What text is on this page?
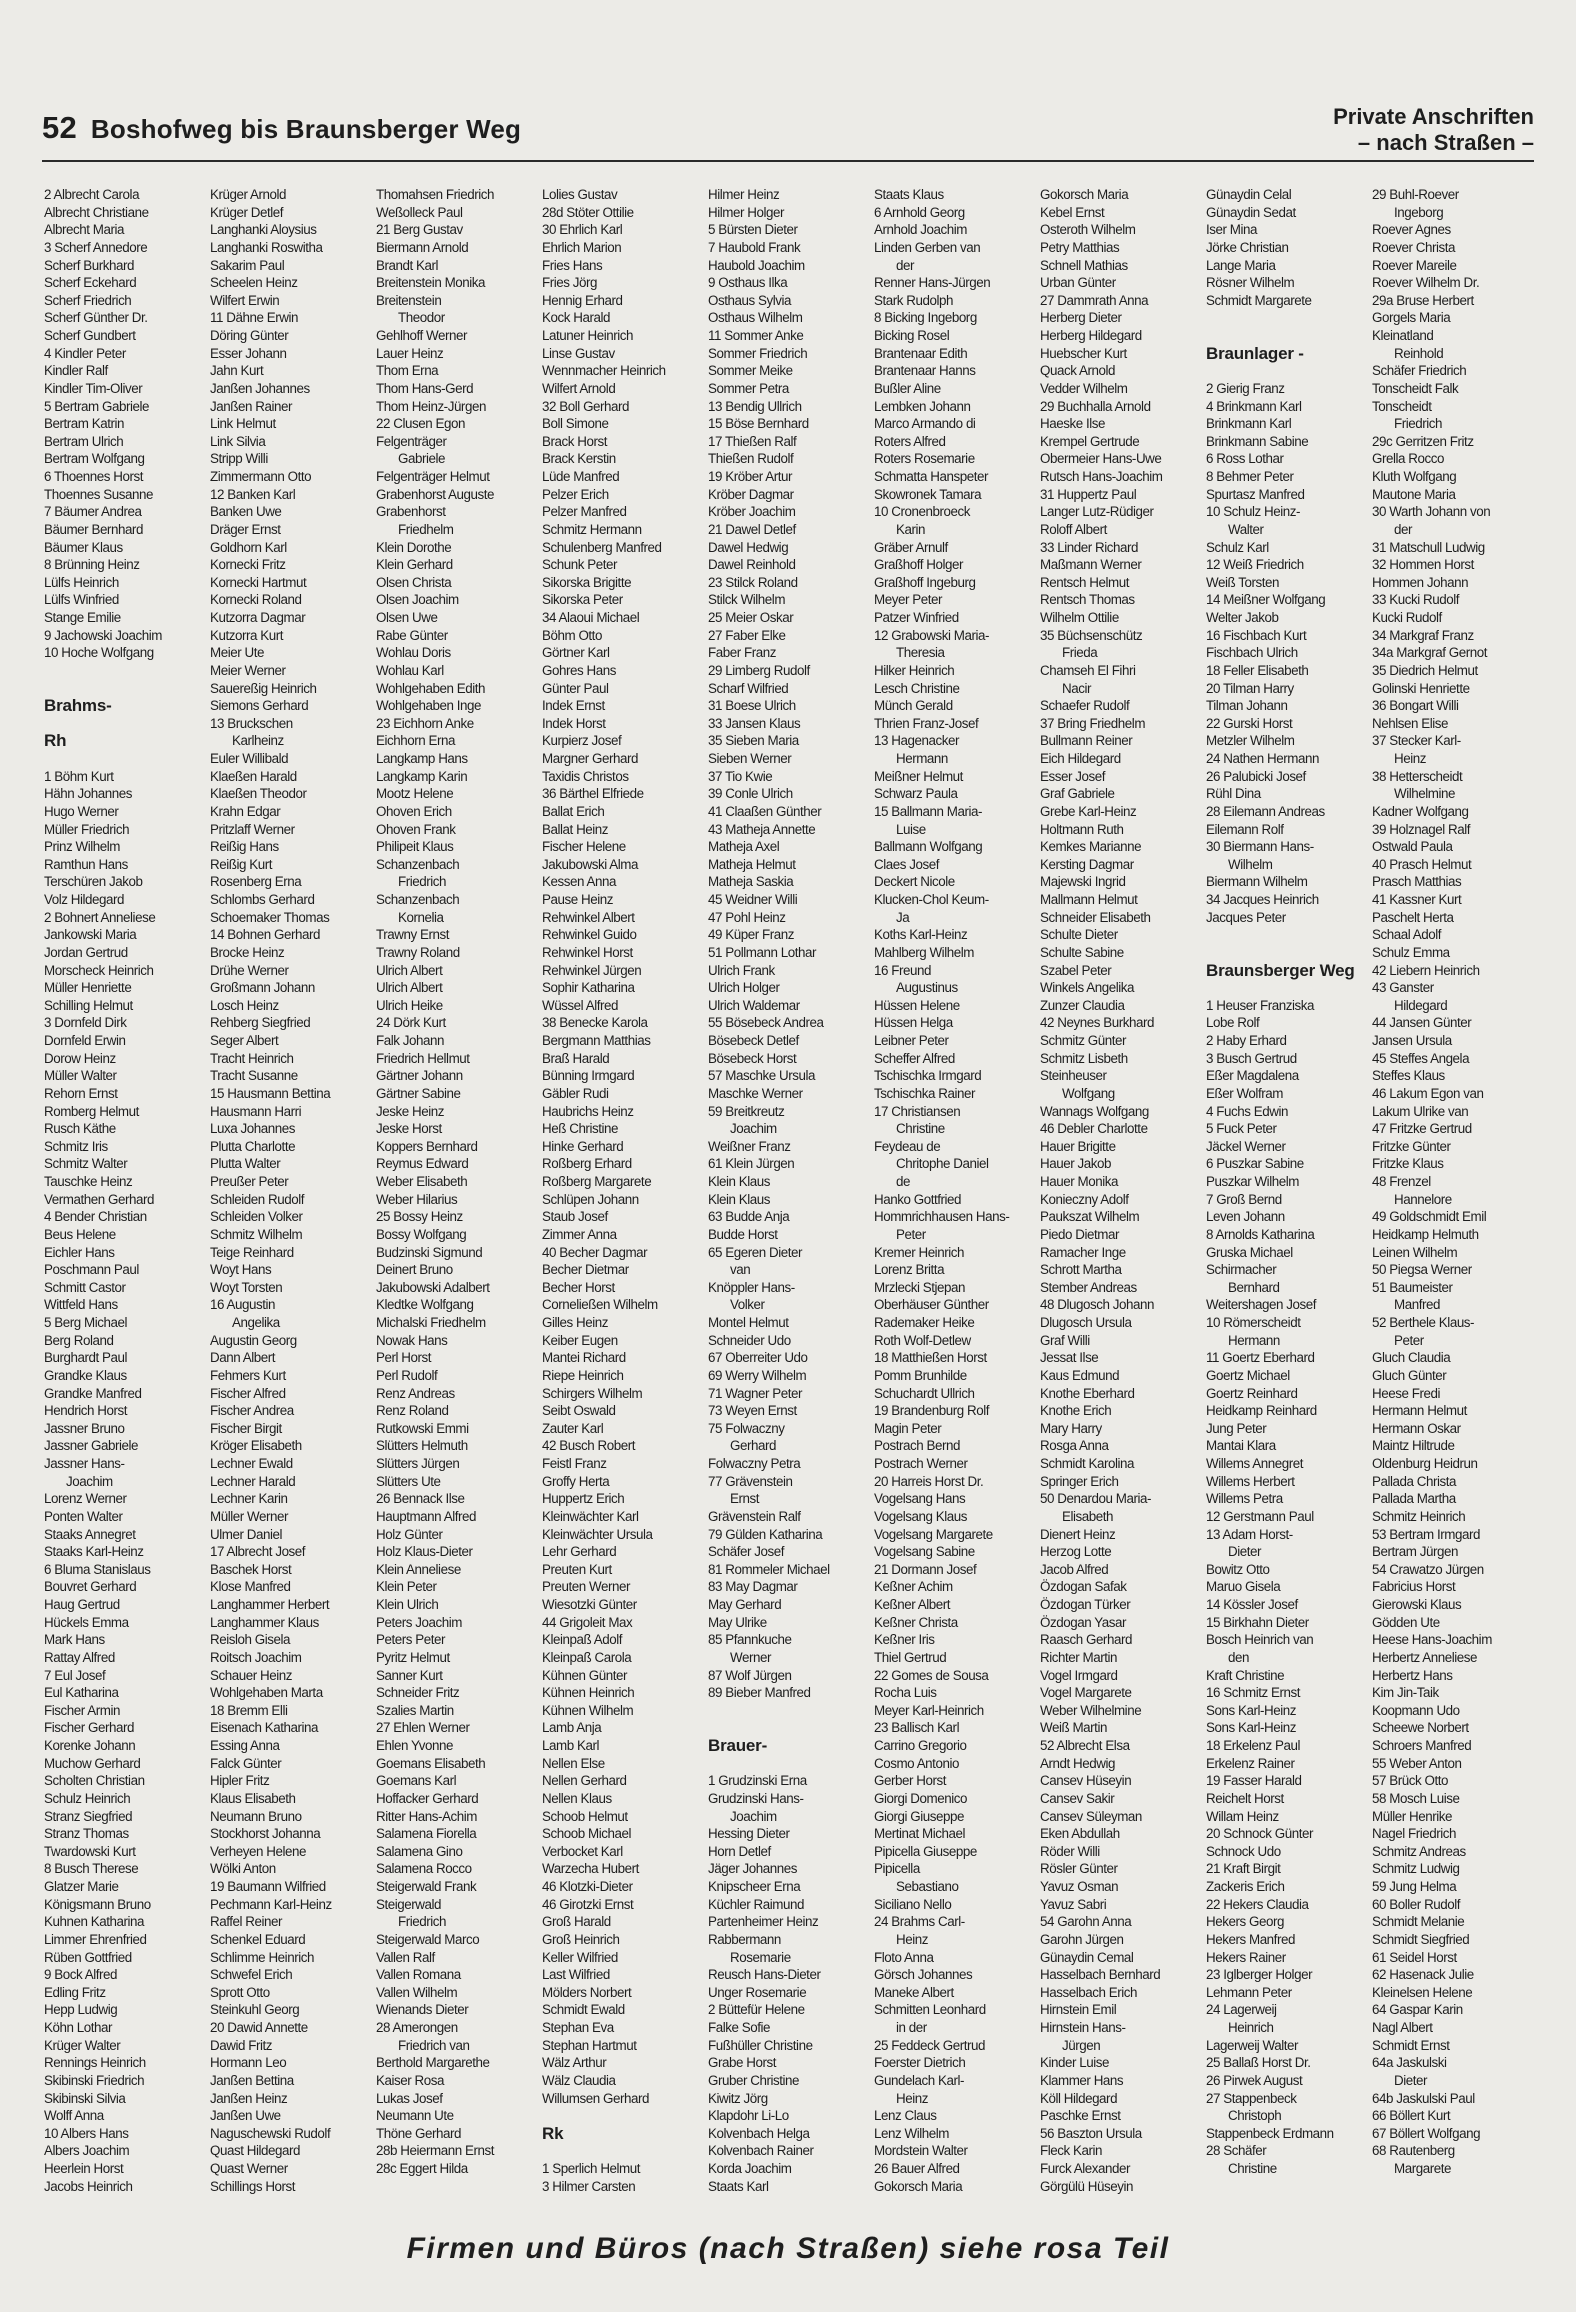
52 Boshofweg bis Braunsberger Weg	Private Anschriften
– nach Straßen –
2 Albrecht Carola
Albrecht Christiane
Albrecht Maria
3 Scherf Annedore
Scherf Burkhard
Scherf Eckehard
Scherf Friedrich
Scherf Günther Dr.
Scherf Gundbert
4 Kindler Peter
Kindler Ralf
Kindler Tim-Oliver
5 Bertram Gabriele
Bertram Katrin
Bertram Ulrich
Bertram Wolfgang
6 Thoennes Horst
Thoennes Susanne
7 Bäumer Andrea
Bäumer Bernhard
Bäumer Klaus
8 Brünning Heinz
Lülfs Heinrich
Lülfs Winfried
Stange Emilie
9 Jachowski Joachim
10 Hoche Wolfgang
Brahms-
Rh
1 Böhm Kurt
Hähn Johannes
Hugo Werner
Müller Friedrich
Prinz Wilhelm
Ramthun Hans
Terschüren Jakob
Volz Hildegard
2 Bohnert Anneliese
Jankowski Maria
Jordan Gertrud
Morscheck Heinrich
Müller Henriette
Schilling Helmut
3 Dornfeld Dirk
Dornfeld Erwin
Dorow Heinz
Müller Walter
Rehorn Ernst
Romberg Helmut
Rusch Käthe
Schmitz Iris
Schmitz Walter
Tauschke Heinz
Vermathen Gerhard
4 Bender Christian
Beus Helene
Eichler Hans
Poschmann Paul
Schmitt Castor
Wittfeld Hans
5 Berg Michael
Berg Roland
Burghardt Paul
Grandke Klaus
Grandke Manfred
Hendrich Horst
Jassner Bruno
Jassner Gabriele
Jassner Hans-
Joachim
Lorenz Werner
Ponten Walter
Staaks Annegret
Staaks Karl-Heinz
6 Bluma Stanislaus
Bouvret Gerhard
Haug Gertrud
Hückels Emma
Mark Hans
Rattay Alfred
7 Eul Josef
Eul Katharina
Fischer Armin
Fischer Gerhard
Korenke Johann
Muchow Gerhard
Scholten Christian
Schulz Heinrich
Stranz Siegfried
Stranz Thomas
Twardowski Kurt
8 Busch Therese
Glatzer Marie
Königsmann Bruno
Kuhnen Katharina
Limmer Ehrenfried
Rüben Gottfried
9 Bock Alfred
Edling Fritz
Hepp Ludwig
Köhn Lothar
Krüger Walter
Rennings Heinrich
Skibinski Friedrich
Skibinski Silvia
Wolff Anna
10 Albers Hans
Albers Joachim
Heerlein Horst
Jacobs Heinrich
Krüger Arnold
Krüger Detlef
Langhanki Aloysius
Langhanki Roswitha
Sakarim Paul
Scheelen Heinz
Wilfert Erwin
11 Dähne Erwin
Döring Günter
Esser Johann
Jahn Kurt
Janßen Johannes
Janßen Rainer
Link Helmut
Link Silvia
Stripp Willi
Zimmermann Otto
12 Banken Karl
Banken Uwe
Dräger Ernst
Goldhorn Karl
Kornecki Fritz
Kornecki Hartmut
Kornecki Roland
Kutzorra Dagmar
Kutzorra Kurt
Meier Ute
Meier Werner
Sauereßig Heinrich
Siemons Gerhard
13 Bruckschen
Karlheinz
Euler Willibald
Klaeßen Harald
Klaeßen Theodor
Krahn Edgar
Pritzlaff Werner
Reißig Hans
Reißig Kurt
Rosenberg Erna
Schlombs Gerhard
Schoemaker Thomas
14 Bohnen Gerhard
Brocke Heinz
Drühe Werner
Großmann Johann
Losch Heinz
Rehberg Siegfried
Seger Albert
Tracht Heinrich
Tracht Susanne
15 Hausmann Bettina
Hausmann Harri
Luxa Johannes
Plutta Charlotte
Plutta Walter
Preußer Peter
Schleiden Rudolf
Schleiden Volker
Schmitz Wilhelm
Teige Reinhard
Woyt Hans
Woyt Torsten
16 Augustin
Angelika
Augustin Georg
Dann Albert
Fehmers Kurt
Fischer Alfred
Fischer Andrea
Fischer Birgit
Kröger Elisabeth
Lechner Ewald
Lechner Harald
Lechner Karin
Müller Werner
Ulmer Daniel
17 Albrecht Josef
Baschek Horst
Klose Manfred
Langhammer Herbert
Langhammer Klaus
Reisloh Gisela
Roitsch Joachim
Schauer Heinz
Wohlgehaben Marta
18 Bremm Elli
Eisenach Katharina
Essing Anna
Falck Günter
Hipler Fritz
Klaus Elisabeth
Neumann Bruno
Stockhorst Johanna
Verheyen Helene
Wölki Anton
19 Baumann Wilfried
Pechmann Karl-Heinz
Raffel Reiner
Schenkel Eduard
Schlimme Heinrich
Schwefel Erich
Sprott Otto
Steinkuhl Georg
20 Dawid Annette
Dawid Fritz
Hormann Leo
Janßen Bettina
Janßen Heinz
Janßen Uwe
Naguschewski Rudolf
Quast Hildegard
Quast Werner
Schillings Horst
Thomahsen Friedrich
Weßolleck Paul
21 Berg Gustav
Biermann Arnold
Brandt Karl
Breitenstein Monika
Breitenstein
Theodor
Gehlhoff Werner
Lauer Heinz
Thom Erna
Thom Hans-Gerd
Thom Heinz-Jürgen
22 Clusen Egon
Felgenträger
Gabriele
Felgenträger Helmut
Grabenhorst Auguste
Grabenhorst
Friedhelm
Klein Dorothe
Klein Gerhard
Olsen Christa
Olsen Joachim
Olsen Uwe
Rabe Günter
Wohlau Doris
Wohlau Karl
Wohlgehaben Edith
Wohlgehaben Inge
23 Eichhorn Anke
Eichhorn Erna
Langkamp Hans
Langkamp Karin
Mootz Helene
Ohoven Erich
Ohoven Frank
Philipeit Klaus
Schanzenbach
Friedrich
Schanzenbach
Kornelia
Trawny Ernst
Trawny Roland
Ulrich Albert
Ulrich Albert
Ulrich Heike
24 Dörk Kurt
Falk Johann
Friedrich Hellmut
Gärtner Johann
Gärtner Sabine
Jeske Heinz
Jeske Horst
Koppers Bernhard
Reymus Edward
Weber Elisabeth
Weber Hilarius
25 Bossy Heinz
Bossy Wolfgang
Budzinski Sigmund
Deinert Bruno
Jakubowski Adalbert
Kledtke Wolfgang
Michalski Friedhelm
Nowak Hans
Perl Horst
Perl Rudolf
Renz Andreas
Renz Roland
Rutkowski Emmi
Slütters Helmuth
Slütters Jürgen
Slütters Ute
26 Bennack Ilse
Hauptmann Alfred
Holz Günter
Holz Klaus-Dieter
Klein Anneliese
Klein Peter
Klein Ulrich
Peters Joachim
Peters Peter
Pyritz Helmut
Sanner Kurt
Schneider Fritz
Szalies Martin
27 Ehlen Werner
Ehlen Yvonne
Goemans Elisabeth
Goemans Karl
Hoffacker Gerhard
Ritter Hans-Achim
Salamena Fiorella
Salamena Gino
Salamena Rocco
Steigerwald Frank
Steigerwald
Friedrich
Steigerwald Marco
Vallen Ralf
Vallen Romana
Vallen Wilhelm
Wienands Dieter
28 Amerongen
Friedrich van
Berthold Margarethe
Kaiser Rosa
Lukas Josef
Neumann Ute
Thöne Gerhard
28b Heiermann Ernst
28c Eggert Hilda
Lolies Gustav
28d Stöter Ottilie
30 Ehrlich Karl
Ehrlich Marion
Fries Hans
Fries Jörg
Hennig Erhard
Kock Harald
Latuner Heinrich
Linse Gustav
Wennmacher Heinrich
Wilfert Arnold
32 Boll Gerhard
Boll Simone
Brack Horst
Brack Kerstin
Lüde Manfred
Pelzer Erich
Pelzer Manfred
Schmitz Hermann
Schulenberg Manfred
Schunk Peter
Sikorska Brigitte
Sikorska Peter
34 Alaoui Michael
Böhm Otto
Görtner Karl
Gohres Hans
Günter Paul
Indek Ernst
Indek Horst
Kurpierz Josef
Margner Gerhard
Taxidis Christos
36 Bärthel Elfriede
Ballat Erich
Ballat Heinz
Fischer Helene
Jakubowski Alma
Kessen Anna
Pause Heinz
Rehwinkel Albert
Rehwinkel Guido
Rehwinkel Horst
Rehwinkel Jürgen
Sophir Katharina
Wüssel Alfred
38 Benecke Karola
Bergmann Matthias
Braß Harald
Bünning Irmgard
Gäbler Rudi
Haubrichs Heinz
Heß Christine
Hinke Gerhard
Roßberg Erhard
Roßberg Margarete
Schlüpen Johann
Staub Josef
Zimmer Anna
40 Becher Dagmar
Becher Dietmar
Becher Horst
Corneließen Wilhelm
Gilles Heinz
Keiber Eugen
Mantei Richard
Riepe Heinrich
Schirgers Wilhelm
Seibt Oswald
Zauter Karl
42 Busch Robert
Feistl Franz
Groffy Herta
Huppertz Erich
Kleinwächter Karl
Kleinwächter Ursula
Lehr Gerhard
Preuten Kurt
Preuten Werner
Wiesotzki Günter
44 Grigoleit Max
Kleinpaß Adolf
Kleinpaß Carola
Kühnen Günter
Kühnen Heinrich
Kühnen Wilhelm
Lamb Anja
Lamb Karl
Nellen Else
Nellen Gerhard
Nellen Klaus
Schoob Helmut
Schoob Michael
Verbocket Karl
Warzecha Hubert
46 Klotzki-Dieter
46 Girotzki Ernst
Groß Harald
Groß Heinrich
Keller Wilfried
Last Wilfried
Mölders Norbert
Schmidt Ewald
Stephan Eva
Stephan Hartmut
Wälz Arthur
Wälz Claudia
Willumsen Gerhard
Rk
1 Sperlich Helmut
3 Hilmer Carsten
Hilmer Heinz
Hilmer Holger
5 Bürsten Dieter
7 Haubold Frank
Haubold Joachim
9 Osthaus Ilka
Osthaus Sylvia
Osthaus Wilhelm
11 Sommer Anke
Sommer Friedrich
Sommer Meike
Sommer Petra
13 Bendig Ullrich
15 Böse Bernhard
17 Thießen Ralf
Thießen Rudolf
19 Kröber Artur
Kröber Dagmar
Kröber Joachim
21 Dawel Detlef
Dawel Hedwig
Dawel Reinhold
23 Stilck Roland
Stilck Wilhelm
25 Meier Oskar
27 Faber Elke
Faber Franz
29 Limberg Rudolf
Scharf Wilfried
31 Boese Ulrich
33 Jansen Klaus
35 Sieben Maria
Sieben Werner
37 Tio Kwie
39 Conle Ulrich
41 Claaßen Günther
43 Matheja Annette
Matheja Axel
Matheja Helmut
Matheja Saskia
45 Weidner Willi
47 Pohl Heinz
49 Küper Franz
51 Pollmann Lothar
Ulrich Frank
Ulrich Holger
Ulrich Waldemar
55 Bösebeck Andrea
Bösebeck Detlef
Bösebeck Horst
57 Maschke Ursula
Maschke Werner
59 Breitkreutz
Joachim
Weißner Franz
61 Klein Jürgen
Klein Klaus
Klein Klaus
63 Budde Anja
Budde Horst
65 Egeren Dieter
van
Knöppler Hans-
Volker
Montel Helmut
Schneider Udo
67 Oberreiter Udo
69 Werry Wilhelm
71 Wagner Peter
73 Weyen Ernst
75 Folwaczny
Gerhard
Folwaczny Petra
77 Grävenstein
Ernst
Grävenstein Ralf
79 Gülden Katharina
Schäfer Josef
81 Rommeler Michael
83 May Dagmar
May Gerhard
May Ulrike
85 Pfannkuche
Werner
87 Wolf Jürgen
89 Bieber Manfred
Brauer-
1 Grudzinski Erna
Grudzinski Hans-
Joachim
Hessing Dieter
Horn Detlef
Jäger Johannes
Knipscheer Erna
Küchler Raimund
Partenheimer Heinz
Rabbermann
Rosemarie
Reusch Hans-Dieter
Unger Rosemarie
2 Büttefür Helene
Falke Sofie
Fußhüller Christine
Grabe Horst
Gruber Christine
Kiwitz Jörg
Klapdohr Li-Lo
Kolvenbach Helga
Kolvenbach Rainer
Korda Joachim
Staats Karl
Staats Klaus
6 Arnhold Georg
Arnhold Joachim
Linden Gerben van
der
Renner Hans-Jürgen
Stark Rudolph
8 Bicking Ingeborg
Bicking Rosel
Brantenaar Edith
Brantenaar Hanns
Bußler Aline
Lembken Johann
Marco Armando di
Roters Alfred
Roters Rosemarie
Schmatta Hanspeter
Skowronek Tamara
10 Cronenbroeck
Karin
Gräber Arnulf
Graßhoff Holger
Graßhoff Ingeburg
Meyer Peter
Patzer Winfried
12 Grabowski Maria-
Theresia
Hilker Heinrich
Lesch Christine
Münch Gerald
Thrien Franz-Josef
13 Hagenacker
Hermann
Meißner Helmut
Schwarz Paula
15 Ballmann Maria-
Luise
Ballmann Wolfgang
Claes Josef
Deckert Nicole
Klucken-Chol Keum-
Ja
Koths Karl-Heinz
Mahlberg Wilhelm
16 Freund
Augustinus
Hüssen Helene
Hüssen Helga
Leibner Peter
Scheffer Alfred
Tschischka Irmgard
Tschischka Rainer
17 Christiansen
Christine
Feydeau de
Chritophe Daniel
de
Hanko Gottfried
Hommrichhausen Hans-
Peter
Kremer Heinrich
Lorenz Britta
Mrzlecki Stjepan
Oberhäuser Günther
Rademaker Heike
Roth Wolf-Detlew
18 Matthießen Horst
Pomm Brunhilde
Schuchardt Ullrich
19 Brandenburg Rolf
Magin Peter
Postrach Bernd
Postrach Werner
20 Harreis Horst Dr.
Vogelsang Hans
Vogelsang Klaus
Vogelsang Margarete
Vogelsang Sabine
21 Dormann Josef
Keßner Achim
Keßner Albert
Keßner Christa
Keßner Iris
Thiel Gertrud
22 Gomes de Sousa
Rocha Luis
Meyer Karl-Heinrich
23 Ballisch Karl
Carrino Gregorio
Cosmo Antonio
Gerber Horst
Giorgi Domenico
Giorgi Giuseppe
Mertinat Michael
Pipicella Giuseppe
Pipicella
Sebastiano
Siciliano Nello
24 Brahms Carl-
Heinz
Floto Anna
Görsch Johannes
Maneke Albert
Schmitten Leonhard
in der
25 Feddeck Gertrud
Foerster Dietrich
Gundelach Karl-
Heinz
Lenz Claus
Lenz Wilhelm
Mordstein Walter
26 Bauer Alfred
Gokorsch Maria
Gokorsch Maria
Kebel Ernst
Osteroth Wilhelm
Petry Matthias
Schnell Mathias
Urban Günter
27 Dammrath Anna
Herberg Dieter
Herberg Hildegard
Huebscher Kurt
Quack Arnold
Vedder Wilhelm
29 Buchhalla Arnold
Haeske Ilse
Krempel Gertrude
Obermeier Hans-Uwe
Rutsch Hans-Joachim
31 Huppertz Paul
Langer Lutz-Rüdiger
Roloff Albert
33 Linder Richard
Maßmann Werner
Rentsch Helmut
Rentsch Thomas
Wilhelm Ottilie
35 Büchsenschütz
Frieda
Chamseh El Fihri
Nacir
Schaefer Rudolf
37 Bring Friedhelm
Bullmann Reiner
Eich Hildegard
Esser Josef
Graf Gabriele
Grebe Karl-Heinz
Holtmann Ruth
Kemkes Marianne
Kersting Dagmar
Majewski Ingrid
Mallmann Helmut
Schneider Elisabeth
Schulte Dieter
Schulte Sabine
Szabel Peter
Winkels Angelika
Zunzer Claudia
42 Neynes Burkhard
Schmitz Günter
Schmitz Lisbeth
Steinheuser
Wolfgang
Wannags Wolfgang
46 Debler Charlotte
Hauer Brigitte
Hauer Jakob
Hauer Monika
Konieczny Adolf
Paukszat Wilhelm
Piedo Dietmar
Ramacher Inge
Schrott Martha
Stember Andreas
48 Dlugosch Johann
Dlugosch Ursula
Graf Willi
Jessat Ilse
Kaus Edmund
Knothe Eberhard
Knothe Erich
Mary Harry
Rosga Anna
Schmidt Karolina
Springer Erich
50 Denardou Maria-
Elisabeth
Dienert Heinz
Herzog Lotte
Jacob Alfred
Özdogan Safak
Özdogan Türker
Özdogan Yasar
Raasch Gerhard
Richter Martin
Vogel Irmgard
Vogel Margarete
Weber Wilhelmine
Weiß Martin
52 Albrecht Elsa
Arndt Hedwig
Cansev Hüseyin
Cansev Sakir
Cansev Süleyman
Eken Abdullah
Röder Willi
Rösler Günter
Yavuz Osman
Yavuz Sabri
54 Garohn Anna
Garohn Jürgen
Günaydin Cemal
Hasselbach Bernhard
Hasselbach Erich
Hirnstein Emil
Hirnstein Hans-
Jürgen
Kinder Luise
Klammer Hans
Köll Hildegard
Paschke Ernst
56 Baszton Ursula
Fleck Karin
Furck Alexander
Görgülü Hüseyin
Günaydin Celal
Günaydin Sedat
Iser Mina
Jörke Christian
Lange Maria
Rösner Wilhelm
Schmidt Margarete
Braunlager -
2 Gierig Franz
4 Brinkmann Karl
Brinkmann Karl
Brinkmann Sabine
6 Ross Lothar
8 Behmer Peter
Spurtasz Manfred
10 Schulz Heinz-
Walter
Schulz Karl
12 Weiß Friedrich
Weiß Torsten
14 Meißner Wolfgang
Welter Jakob
16 Fischbach Kurt
Fischbach Ulrich
18 Feller Elisabeth
20 Tilman Harry
Tilman Johann
22 Gurski Horst
Metzler Wilhelm
24 Nathen Hermann
26 Palubicki Josef
Rühl Dina
28 Eilemann Andreas
Eilemann Rolf
30 Biermann Hans-
Wilhelm
Biermann Wilhelm
34 Jacques Heinrich
Jacques Peter
Braunsberger Weg
1 Heuser Franziska
Lobe Rolf
2 Haby Erhard
3 Busch Gertrud
Eßer Magdalena
Eßer Wolfram
4 Fuchs Edwin
5 Fuck Peter
Jäckel Werner
6 Puszkar Sabine
Puszkar Wilhelm
7 Groß Bernd
Leven Johann
8 Arnolds Katharina
Gruska Michael
Schirmacher
Bernhard
Weitershagen Josef
10 Römerscheidt
Hermann
11 Goertz Eberhard
Goertz Michael
Goertz Reinhard
Heidkamp Reinhard
Jung Peter
Mantai Klara
Willems Annegret
Willems Herbert
Willems Petra
12 Gerstmann Paul
13 Adam Horst-
Dieter
Bowitz Otto
Maruo Gisela
14 Kössler Josef
15 Birkhahn Dieter
Bosch Heinrich van
den
Kraft Christine
16 Schmitz Ernst
Sons Karl-Heinz
Sons Karl-Heinz
18 Erkelenz Paul
Erkelenz Rainer
19 Fasser Harald
Reichelt Horst
Willam Heinz
20 Schnock Günter
Schnock Udo
21 Kraft Birgit
Zackeris Erich
22 Hekers Claudia
Hekers Georg
Hekers Manfred
Hekers Rainer
23 Iglberger Holger
Lehmann Peter
24 Lagerweij
Heinrich
Lagerweij Walter
25 Ballaß Horst Dr.
26 Pirwek August
27 Stappenbeck
Christoph
Stappenbeck Erdmann
28 Schäfer
Christine
29 Buhl-Roever
Ingeborg
Roever Agnes
Roever Christa
Roever Mareile
Roever Wilhelm Dr.
29a Bruse Herbert
Gorgels Maria
Kleinatland
Reinhold
Schäfer Friedrich
Tonscheidt Falk
Tonscheidt
Friedrich
29c Gerritzen Fritz
Grella Rocco
Kluth Wolfgang
Mautone Maria
30 Warth Johann von
der
31 Matschull Ludwig
32 Hommen Horst
Hommen Johann
33 Kucki Rudolf
Kucki Rudolf
34 Markgraf Franz
34a Markgraf Gernot
35 Diedrich Helmut
Golinski Henriette
36 Bongart Willi
Nehlsen Elise
37 Stecker Karl-
Heinz
38 Hetterscheidt
Wilhelmine
Kadner Wolfgang
39 Holznagel Ralf
Ostwald Paula
40 Prasch Helmut
Prasch Matthias
41 Kassner Kurt
Paschelt Herta
Schaal Adolf
Schulz Emma
42 Liebern Heinrich
43 Ganster
Hildegard
44 Jansen Günter
Jansen Ursula
45 Steffes Angela
Steffes Klaus
46 Lakum Egon van
Lakum Ulrike van
47 Fritzke Gertrud
Fritzke Günter
Fritzke Klaus
48 Frenzel
Hannelore
49 Goldschmidt Emil
Heidkamp Helmuth
Leinen Wilhelm
50 Piegsa Werner
51 Baumeister
Manfred
52 Berthele Klaus-
Peter
Gluch Claudia
Gluch Günter
Heese Fredi
Hermann Helmut
Hermann Oskar
Maintz Hiltrude
Oldenburg Heidrun
Pallada Christa
Pallada Martha
Schmitz Heinrich
53 Bertram Irmgard
Bertram Jürgen
54 Crawatzo Jürgen
Fabricius Horst
Gierowski Klaus
Gödden Ute
Heese Hans-Joachim
Herbertz Anneliese
Herbertz Hans
Kim Jin-Taik
Koopmann Udo
Scheewe Norbert
Schroers Manfred
55 Weber Anton
57 Brück Otto
58 Mosch Luise
Müller Henrike
Nagel Friedrich
Schmitz Andreas
Schmitz Ludwig
59 Jung Helma
60 Boller Rudolf
Schmidt Melanie
Schmidt Siegfried
61 Seidel Horst
62 Hasenack Julie
Kleinelsen Helene
64 Gaspar Karin
Nagl Albert
Schmidt Ernst
64a Jaskulski
Dieter
64b Jaskulski Paul
66 Böllert Kurt
67 Böllert Wolfgang
68 Rautenberg
Margarete
Firmen und Büros (nach Straßen) siehe rosa Teil
